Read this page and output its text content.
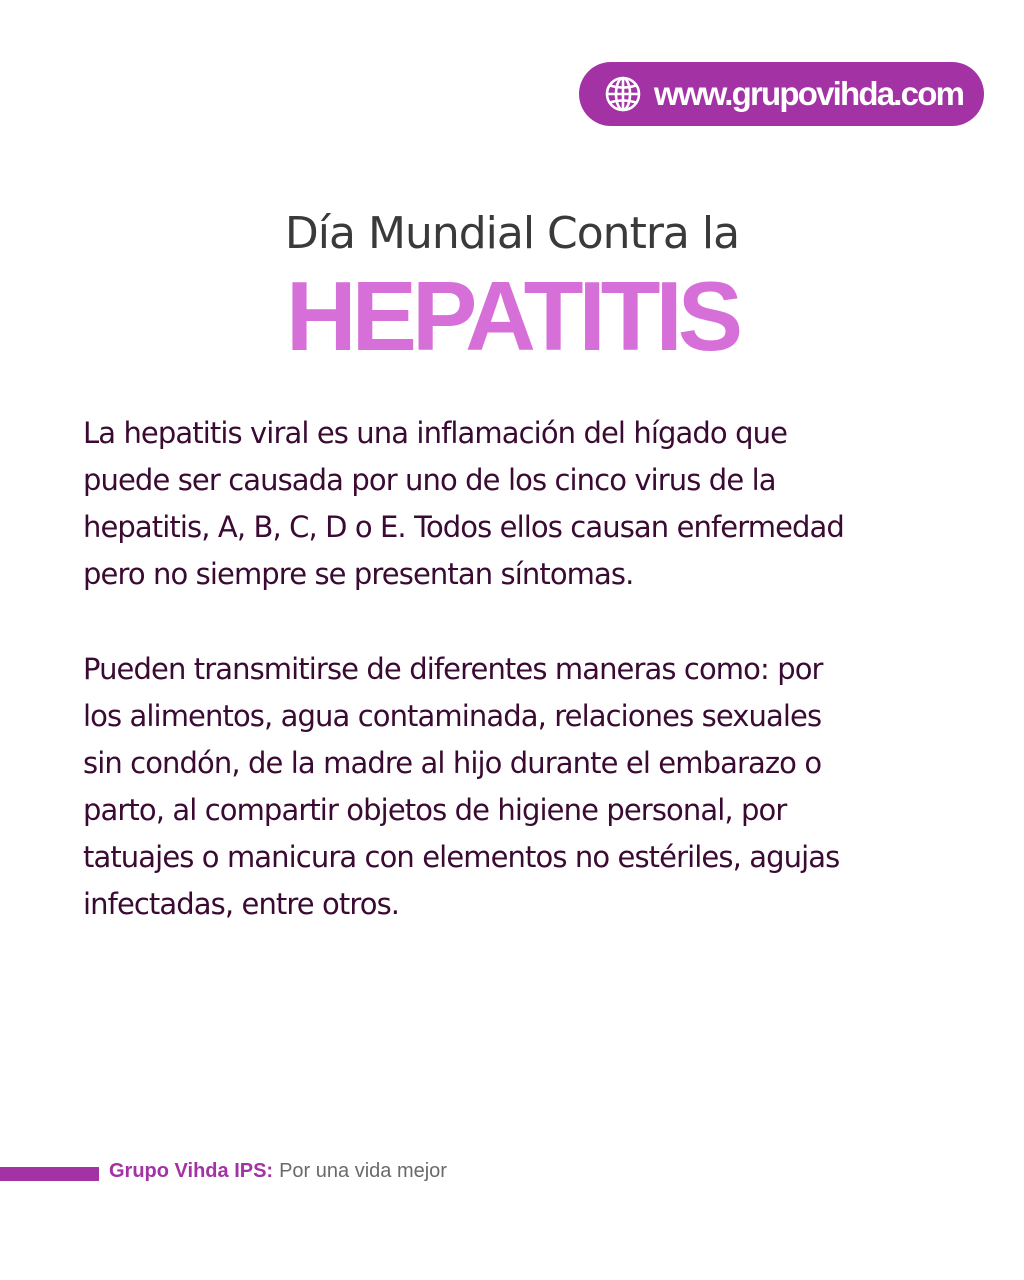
www.grupovihda.com
Día Mundial Contra la
HEPATITIS

La hepatitis viral es una inflamación del hígado que
puede ser causada por uno de los cinco virus de la
hepatitis, A, B, C, D o E. Todos ellos causan enfermedad
pero no siempre se presentan síntomas.

Pueden transmitirse de diferentes maneras como: por
los alimentos, agua contaminada, relaciones sexuales
sin condón, de la madre al hijo durante el embarazo o
parto, al compartir objetos de higiene personal, por
tatuajes o manicura con elementos no estériles, agujas
infectadas, entre otros.

Grupo Vihda IPS: Por una vida mejor
